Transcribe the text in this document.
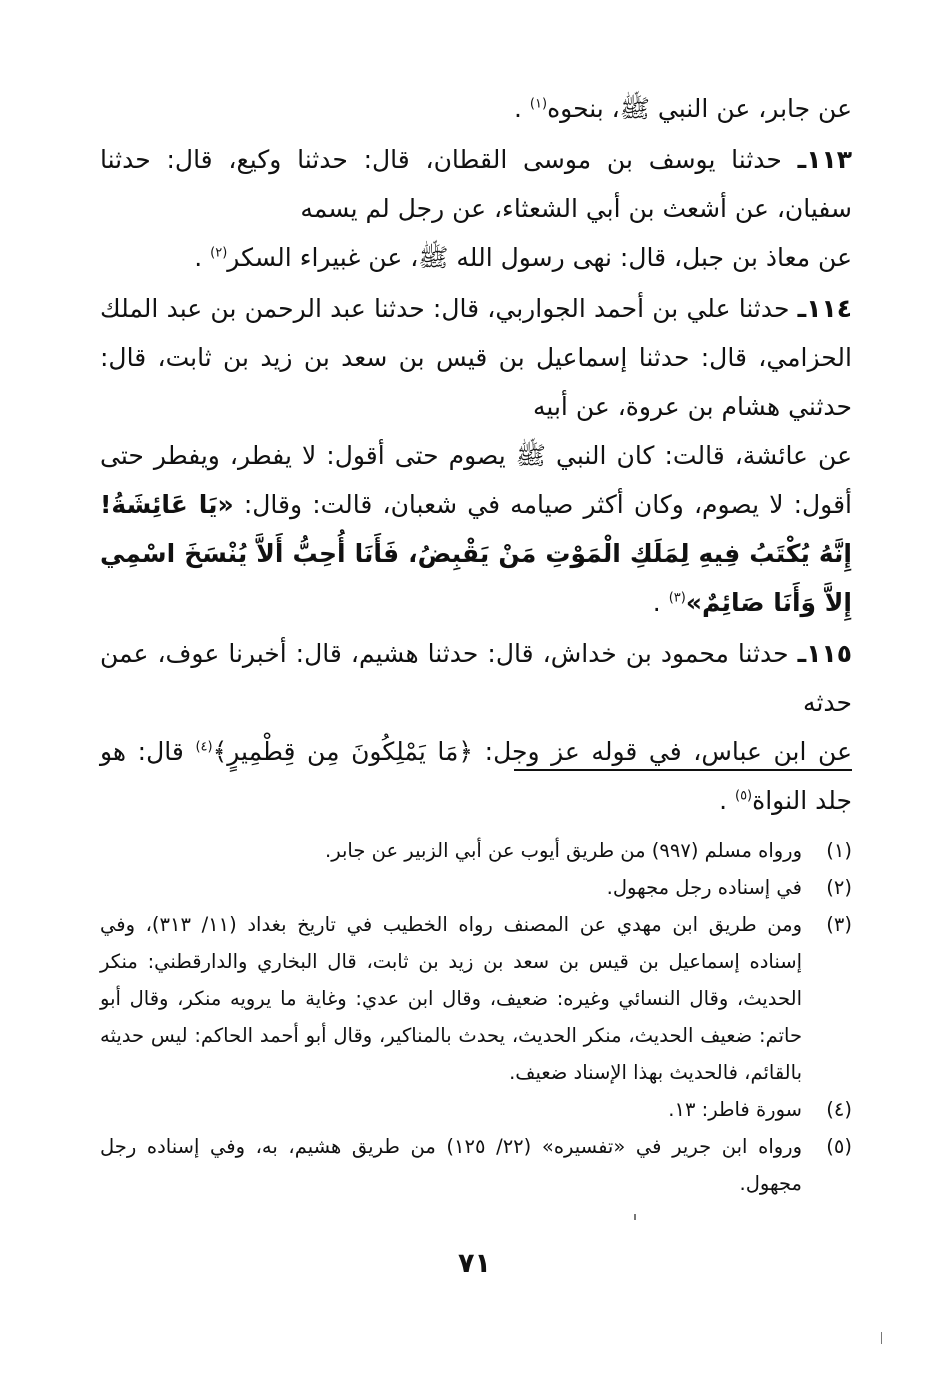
عن جابر، عن النبي ﷺ، بنحوه$^{(١)}$ .

١١٣ـ حدثنا يوسف بن موسى القطان، قال: حدثنا وكيع، قال: حدثنا سفيان، عن أشعث بن أبي الشعثاء، عن رجل لم يسمه

عن معاذ بن جبل، قال: نهى رسول الله ﷺ، عن غبيراء السكر$^{(٢)}$ .

١١٤ـ حدثنا علي بن أحمد الجواربي، قال: حدثنا عبد الرحمن بن عبد الملك الحزامي، قال: حدثنا إسماعيل بن قيس بن سعد بن زيد بن ثابت، قال: حدثني هشام بن عروة، عن أبيه

عن عائشة، قالت: كان النبي ﷺ يصوم حتى أقول: لا يفطر، ويفطر حتى أقول: لا يصوم، وكان أكثر صيامه في شعبان، قالت: وقال: «يَا عَائِشَةُ! إِنَّهُ يُكْتَبُ فِيهِ لِمَلَكِ الْمَوْتِ مَنْ يَقْبِضُ، فَأَنَا أُحِبُّ أَلاَّ يُنْسَخَ اسْمِي إِلاَّ وَأَنَا صَائِمٌ»$^{(٣)}$ .

١١٥ـ حدثنا محمود بن خداش، قال: حدثنا هشيم، قال: أخبرنا عوف، عمن حدثه

عن ابن عباس، في قوله عز وجل: ﴿مَا يَمْلِكُونَ مِن قِطْمِيرٍ﴾$^{(٤)}$ قال: هو جلد النواة$^{(٥)}$ .

(١)
ورواه مسلم (٩٩٧) من طريق أيوب عن أبي الزبير عن جابر.
(٢)
في إسناده رجل مجهول.
(٣)
ومن طريق ابن مهدي عن المصنف رواه الخطيب في تاريخ بغداد (١١/ ٣١٣)، وفي إسناده إسماعيل بن قيس بن سعد بن زيد بن ثابت، قال البخاري والدارقطني: منكر الحديث، وقال النسائي وغيره: ضعيف، وقال ابن عدي: وغاية ما يرويه منكر، وقال أبو حاتم: ضعيف الحديث، منكر الحديث، يحدث بالمناكير، وقال أبو أحمد الحاكم: ليس حديثه بالقائم، فالحديث بهذا الإسناد ضعيف.
(٤)
سورة فاطر: ١٣.
(٥)
ورواه ابن جرير في «تفسيره» (٢٢/ ١٢٥) من طريق هشيم، به، وفي إسناده رجل مجهول.
٧١
